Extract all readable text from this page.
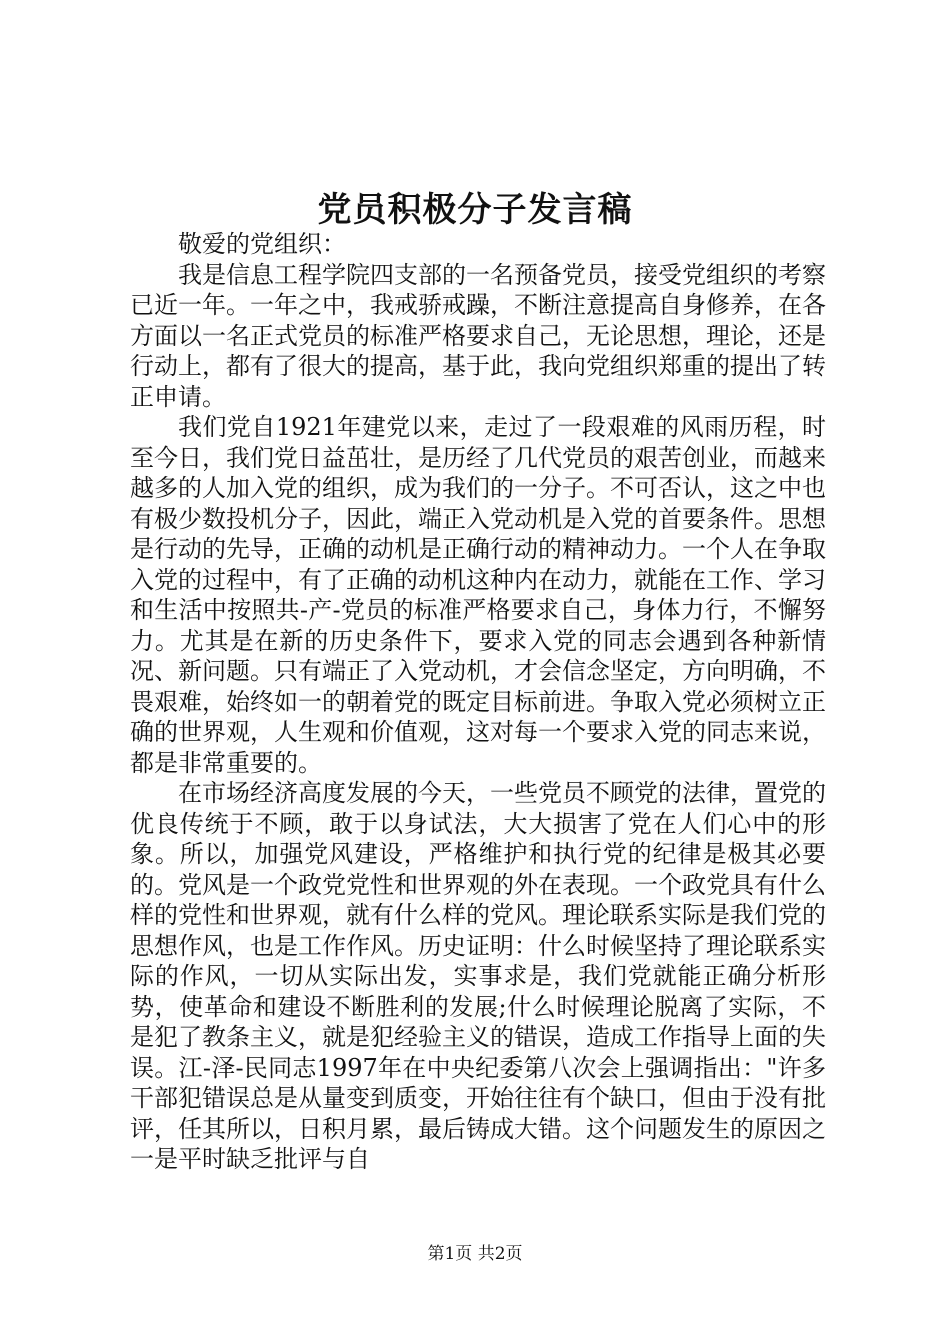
党员积极分子发言稿

敬爱的党组织：

我是信息工程学院四支部的一名预备党员，接受党组织的考察已近一年。一年之中，我戒骄戒躁，不断注意提高自身修养，在各方面以一名正式党员的标准严格要求自己，无论思想，理论，还是行动上，都有了很大的提高，基于此，我向党组织郑重的提出了转正申请。

我们党自1921年建党以来，走过了一段艰难的风雨历程，时至今日，我们党日益茁壮，是历经了几代党员的艰苦创业，而越来越多的人加入党的组织，成为我们的一分子。不可否认，这之中也有极少数投机分子，因此，端正入党动机是入党的首要条件。思想是行动的先导，正确的动机是正确行动的精神动力。一个人在争取入党的过程中，有了正确的动机这种内在动力，就能在工作、学习和生活中按照共-产-党员的标准严格要求自己，身体力行，不懈努力。尤其是在新的历史条件下，要求入党的同志会遇到各种新情况、新问题。只有端正了入党动机，才会信念坚定，方向明确，不畏艰难，始终如一的朝着党的既定目标前进。争取入党必须树立正确的世界观，人生观和价值观，这对每一个要求入党的同志来说，都是非常重要的。

在市场经济高度发展的今天，一些党员不顾党的法律，置党的优良传统于不顾，敢于以身试法，大大损害了党在人们心中的形象。所以，加强党风建设，严格维护和执行党的纪律是极其必要的。党风是一个政党党性和世界观的外在表现。一个政党具有什么样的党性和世界观，就有什么样的党风。理论联系实际是我们党的思想作风，也是工作作风。历史证明：什么时候坚持了理论联系实际的作风，一切从实际出发，实事求是，我们党就能正确分析形势，使革命和建设不断胜利的发展;什么时候理论脱离了实际，不是犯了教条主义，就是犯经验主义的错误，造成工作指导上面的失误。江-泽-民同志1997年在中央纪委第八次会上强调指出："许多干部犯错误总是从量变到质变，开始往往有个缺口，但由于没有批评，任其所以，日积月累，最后铸成大错。这个问题发生的原因之一是平时缺乏批评与自

第1页 共2页
